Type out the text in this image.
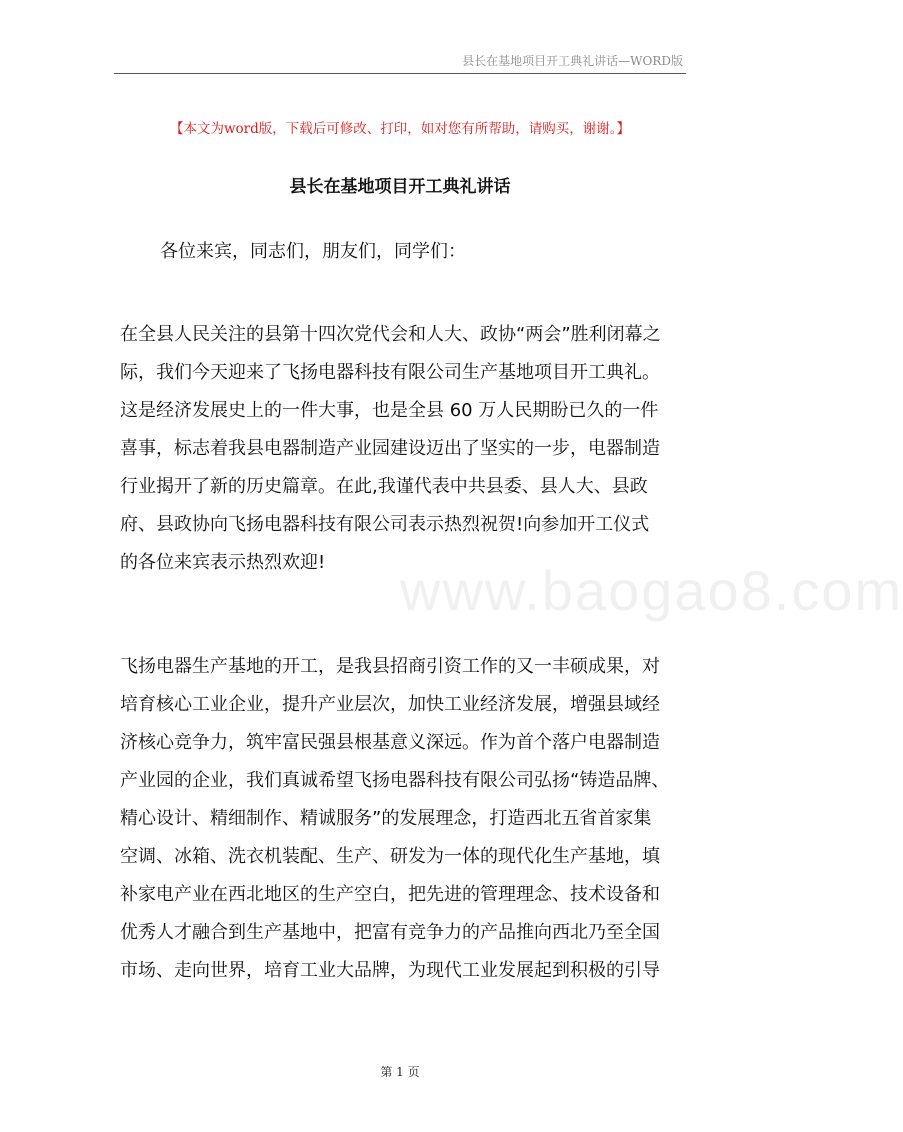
县长在基地项目开工典礼讲话—WORD版
【本文为word版，下载后可修改、打印，如对您有所帮助，请购买，谢谢。】
县长在基地项目开工典礼讲话
各位来宾，同志们，朋友们，同学们：
在全县人民关注的县第十四次党代会和人大、政协“两会”胜利闭幕之
际，我们今天迎来了飞扬电器科技有限公司生产基地项目开工典礼。
这是经济发展史上的一件大事，也是全县 60 万人民期盼已久的一件
喜事，标志着我县电器制造产业园建设迈出了坚实的一步，电器制造
行业揭开了新的历史篇章。在此,我谨代表中共县委、县人大、县政
府、县政协向飞扬电器科技有限公司表示热烈祝贺!向参加开工仪式
的各位来宾表示热烈欢迎!	www.baogao8.com
飞扬电器生产基地的开工，是我县招商引资工作的又一丰硕成果，对
培育核心工业企业，提升产业层次，加快工业经济发展，增强县域经
济核心竞争力，筑牢富民强县根基意义深远。作为首个落户电器制造
产业园的企业，我们真诚希望飞扬电器科技有限公司弘扬“铸造品牌、
精心设计、精细制作、精诚服务”的发展理念，打造西北五省首家集
空调、冰箱、洗衣机装配、生产、研发为一体的现代化生产基地，填
补家电产业在西北地区的生产空白，把先进的管理理念、技术设备和
优秀人才融合到生产基地中，把富有竞争力的产品推向西北乃至全国
市场、走向世界，培育工业大品牌，为现代工业发展起到积极的引导
第 1 页
